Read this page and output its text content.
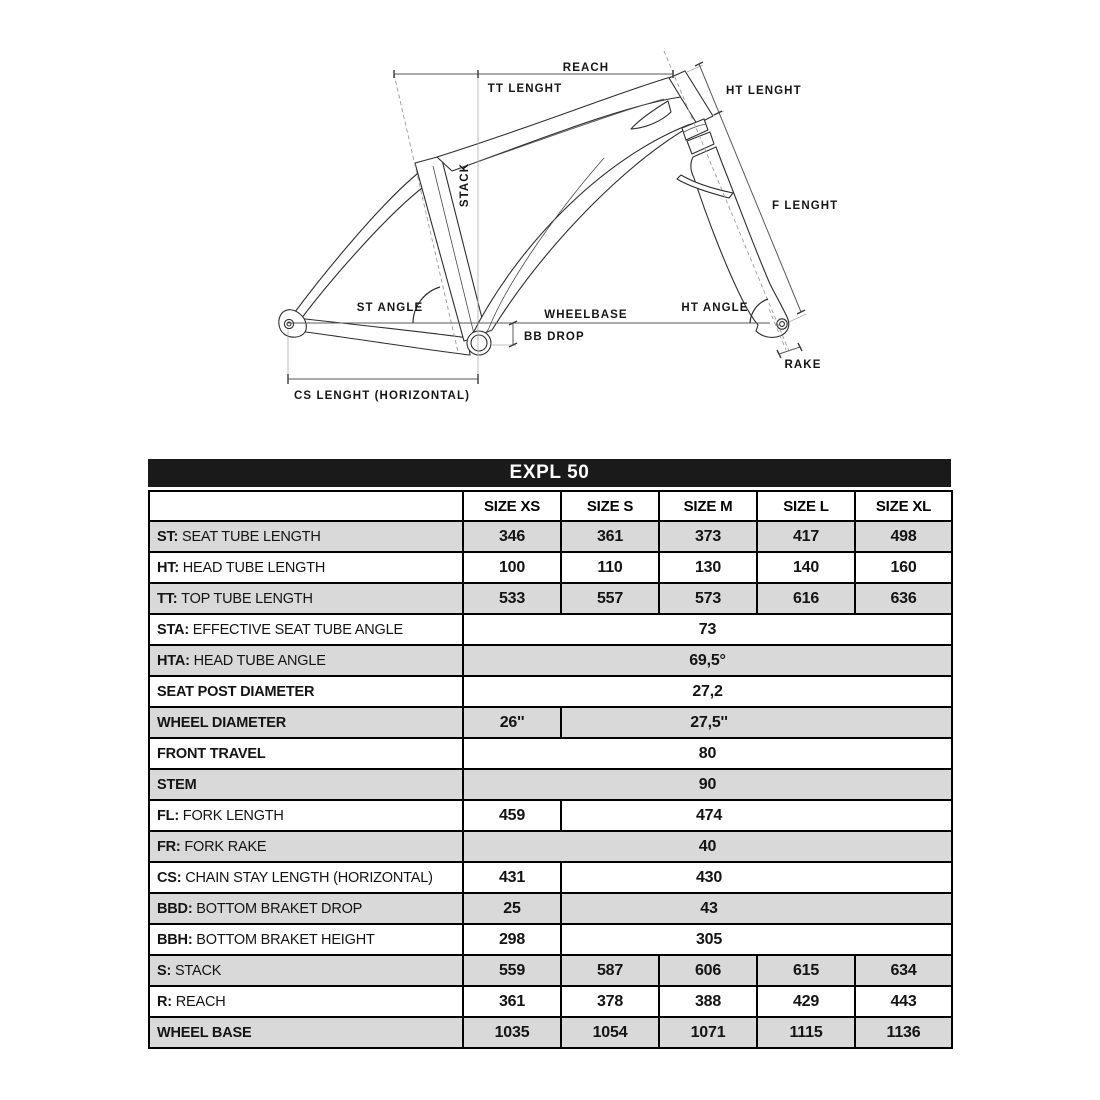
REACH
TT LENGHT	HT LENGHT
STACK	F LENGHT
ST ANGLE
WHEELBASE
BB DROP
HT ANGLE
RAKE
CS LENGHT (HORIZONTAL)
EXPL 50
	SIZE XS	SIZE S	SIZE M	SIZE L	SIZE XL
ST: SEAT TUBE LENGTH	346	361	373	417	498
HT: HEAD TUBE LENGTH	100	110	130	140	160
TT: TOP TUBE LENGTH	533	557	573	616	636
STA: EFFECTIVE SEAT TUBE ANGLE	73				
HTA: HEAD TUBE ANGLE	69,5°				
SEAT POST DIAMETER	27,2				
WHEEL DIAMETER	26''	27,5''			
FRONT TRAVEL	80				
STEM	90				
FL: FORK LENGTH	459	474			
FR: FORK RAKE	40				
CS: CHAIN STAY LENGTH (HORIZONTAL)	431	430			
BBD: BOTTOM BRAKET DROP	25	43			
BBH: BOTTOM BRAKET HEIGHT	298	305			
S: STACK	559	587	606	615	634
R: REACH	361	378	388	429	443
WHEEL BASE	1035	1054	1071	1115	1136
